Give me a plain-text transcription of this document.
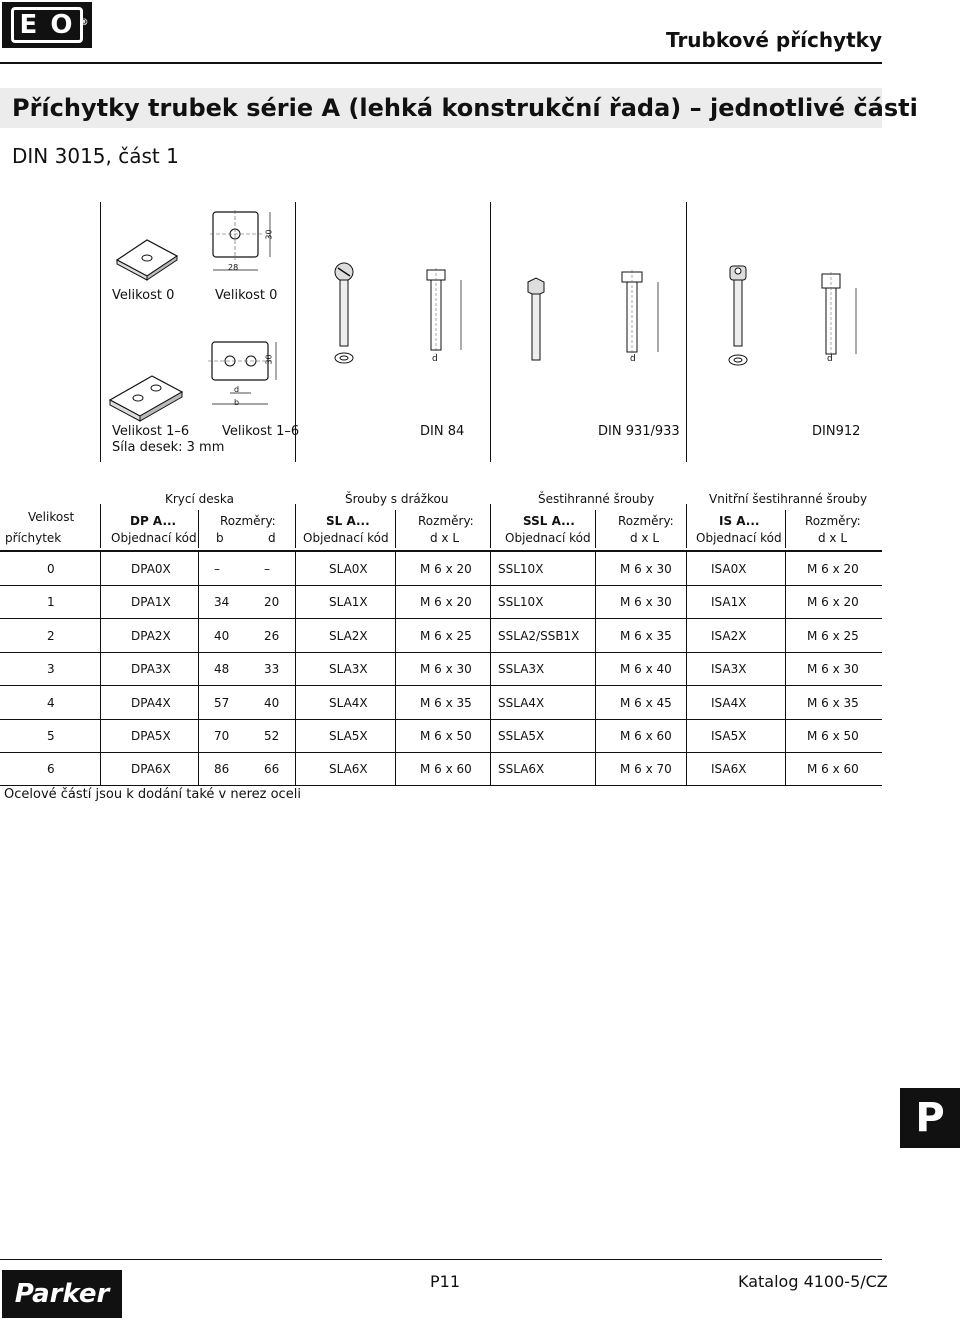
E O ®
Trubkové příchytky
Příchytky trubek série A (lehká konstrukční řada) – jednotlivé části
DIN 3015, část 1
28
30
Velikost 0	Velikost 0
30
d
b
Velikost 1–6	Velikost 1–6
Síla desek: 3 mm
d
DIN 84
d
DIN 931/933
d
DIN912
Krycí deska	Šrouby s drážkou	Šestihranné šrouby	Vnitřní šestihranné šrouby
Velikost
příchytek
DP A...	SL A...	SSL A...	IS A...
Rozměry:	Rozměry:	Rozměry:	Rozměry:
Objednací kód	Objednací kód	Objednací kód	Objednací kód
b	d	d x L	d x L	d x L
0	DPA0X	–	–	SLA0X	M 6 x 20 SSL10X	M 6 x 30	ISA0X	M 6 x 20
1	DPA1X	34	20	SLA1X	M 6 x 20 SSL10X	M 6 x 30	ISA1X	M 6 x 20
2	DPA2X	40	26	SLA2X	M 6 x 25 SSLA2/SSB1X	M 6 x 35	ISA2X	M 6 x 25
3	DPA3X	48	33	SLA3X	M 6 x 30 SSLA3X	M 6 x 40	ISA3X	M 6 x 30
4	DPA4X	57	40	SLA4X	M 6 x 35 SSLA4X	M 6 x 45	ISA4X	M 6 x 35
5	DPA5X	70	52	SLA5X	M 6 x 50 SSLA5X	M 6 x 60	ISA5X	M 6 x 50
6	DPA6X	86	66	SLA6X	M 6 x 60 SSLA6X	M 6 x 70	ISA6X	M 6 x 60
Ocelové částí jsou k dodání také v nerez oceli
P
Parker	P11	Katalog 4100-5/CZ
